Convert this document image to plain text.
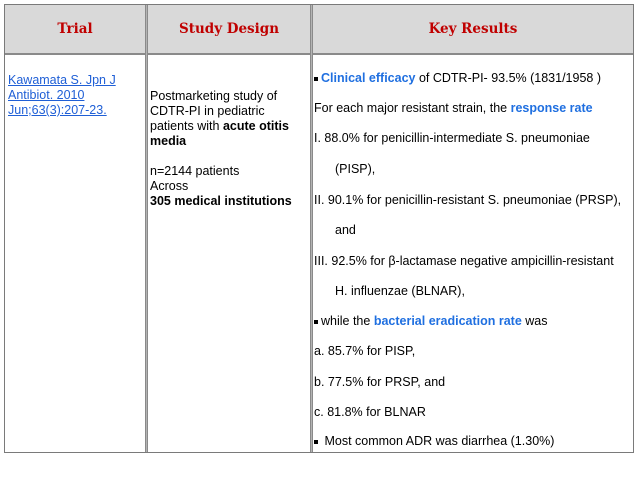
Trial	Study Design	Key Results
Kawamata S. Jpn J
Antibiot. 2010
Jun;63(3):207-23.
Postmarketing study of
CDTR-PI in pediatric
patients with acute otitis
media
n=2144 patients
Across
305 medical institutions
Clinical efficacy of CDTR-PI- 93.5% (1831/1958 )
For each major resistant strain, the response rate
I. 88.0% for penicillin-intermediate S. pneumoniae
(PISP),
II. 90.1% for penicillin-resistant S. pneumoniae (PRSP),
and
III. 92.5% for β-lactamase negative ampicillin-resistant
H. influenzae (BLNAR),
while the bacterial eradication rate was
a. 85.7% for PISP,
b. 77.5% for PRSP, and
c. 81.8% for BLNAR
Most common ADR was diarrhea (1.30%)
